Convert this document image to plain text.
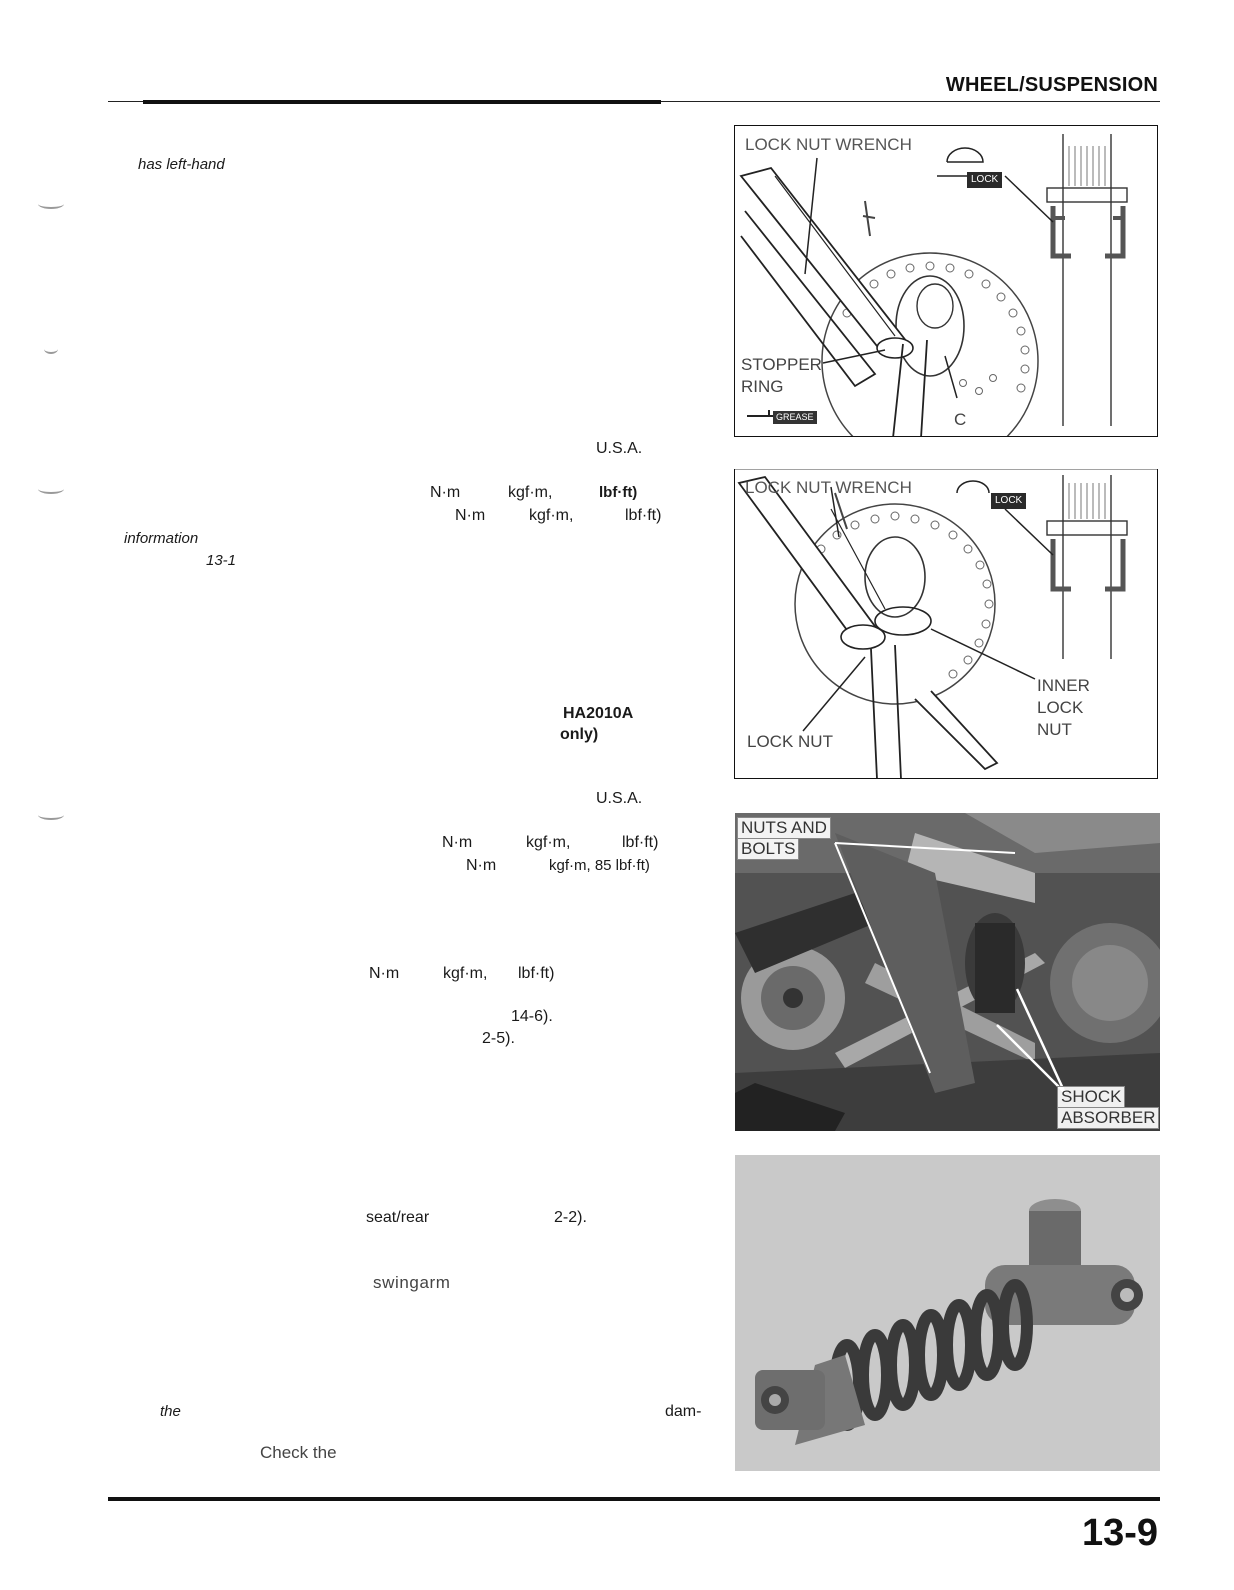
WHEEL/SUSPENSION
has left-hand
U.S.A.
N·m	kgf·m,	lbf·ft)
N·m	kgf·m,	lbf·ft)
information
13-1
HA2010A
only)
U.S.A.
N·m	kgf·m,	lbf·ft)
N·m	kgf·m, 85 lbf·ft)
N·m	kgf·m, lbf·ft)
14-6).
2-5).
seat/rear	2-2).
swingarm
the	dam-
Check the
LOCK NUT WRENCH
LOCK
STOPPER
RING
GREASE	C
LOCK NUT WRENCH
LOCK
INNER
LOCK
NUT
LOCK NUT
NUTS AND
BOLTS
SHOCK
ABSORBER
13-9
